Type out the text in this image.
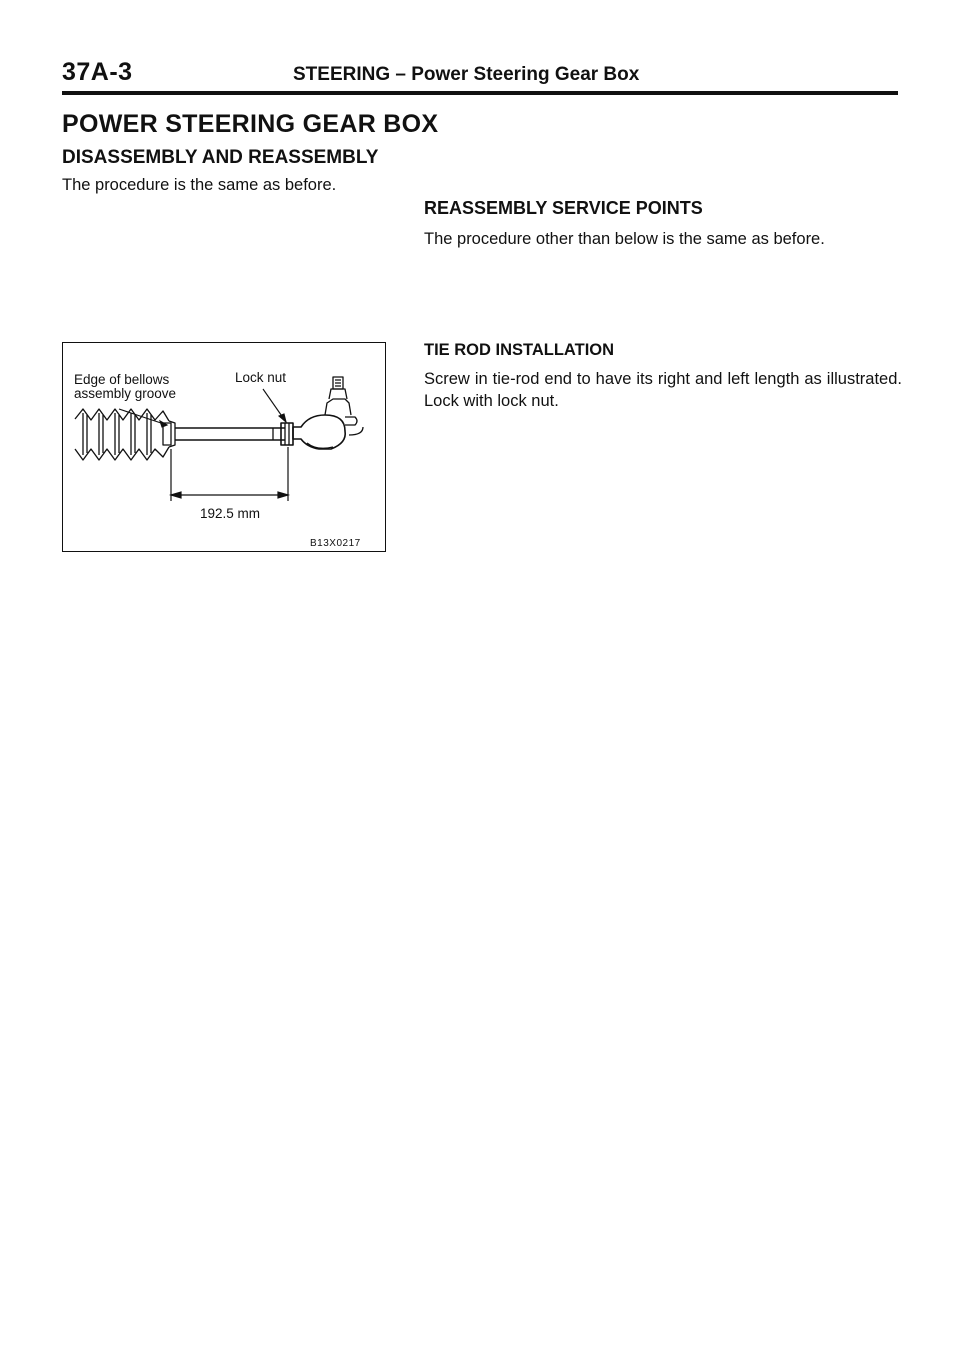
37A-3	STEERING – Power Steering Gear Box
POWER STEERING GEAR BOX
DISASSEMBLY AND REASSEMBLY
The procedure is the same as before.
REASSEMBLY SERVICE POINTS
The procedure other than below is the same as before.
TIE ROD INSTALLATION
Screw in tie-rod end to have its right and left length as illustrated. Lock with lock nut.
Edge of bellows
assembly groove
Lock nut
192.5 mm
B13X0217
